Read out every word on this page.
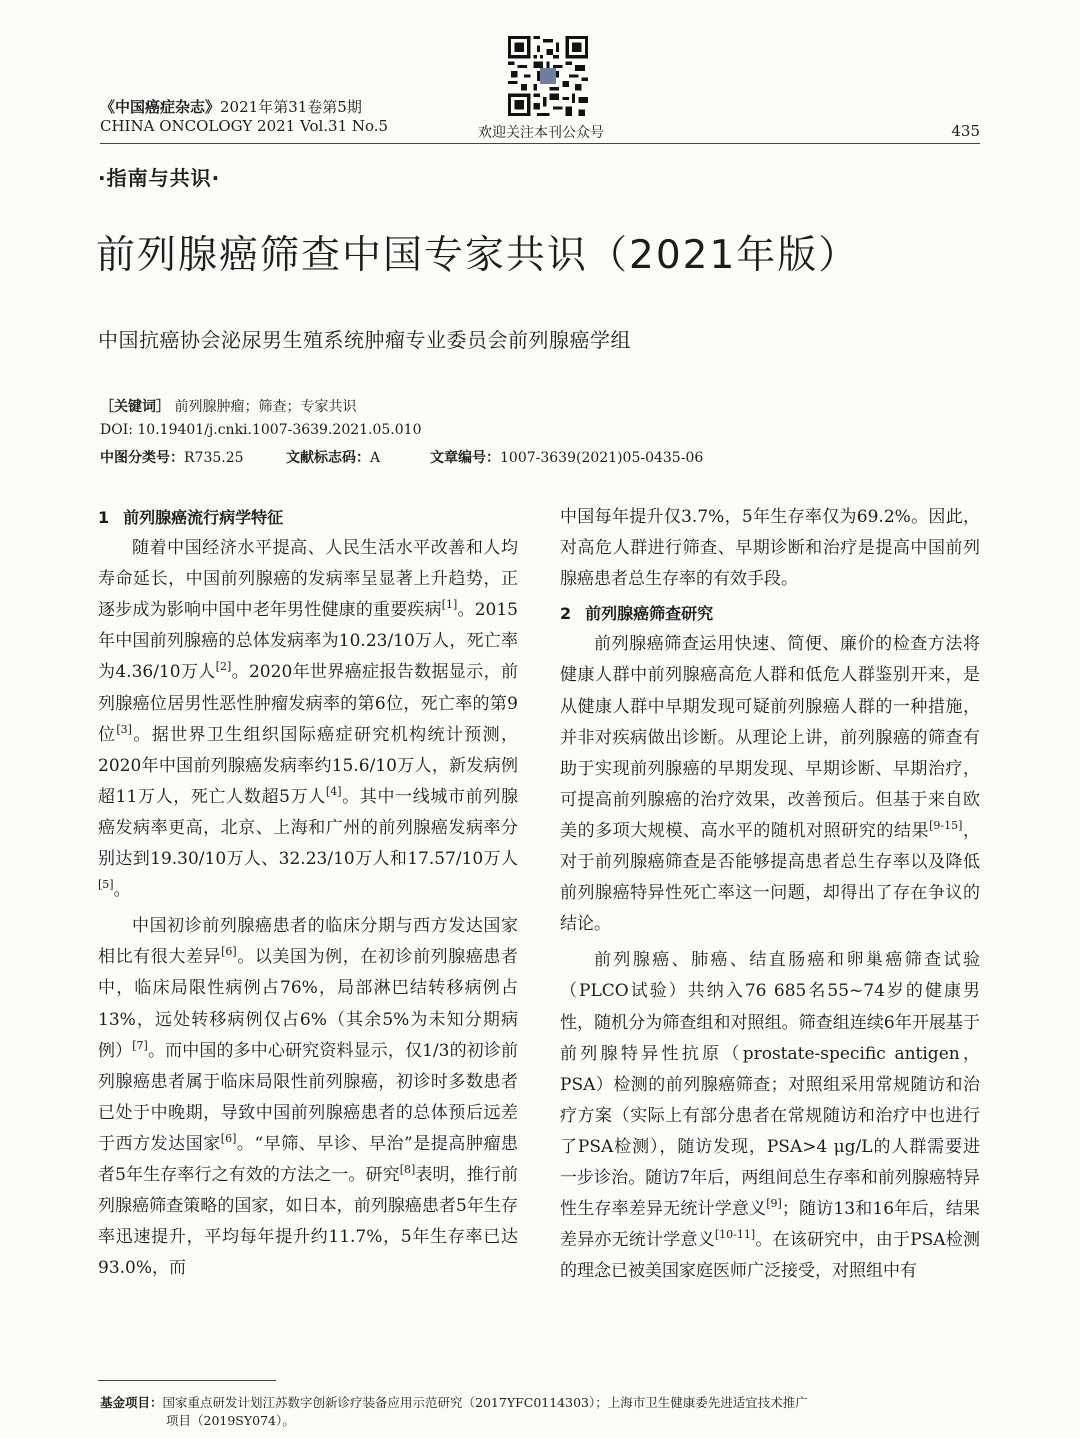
《中国癌症杂志》2021年第31卷第5期
CHINA ONCOLOGY 2021 Vol.31 No.5	欢迎关注本刊公众号	435
·指南与共识·
前列腺癌筛查中国专家共识（2021年版）
中国抗癌协会泌尿男生殖系统肿瘤专业委员会前列腺癌学组
［关键词］ 前列腺肿瘤；筛查；专家共识
DOI: 10.19401/j.cnki.1007-3639.2021.05.010
中图分类号：R735.25	文献标志码：A	文章编号：1007-3639(2021)05-0435-06
1 前列腺癌流行病学特征

随着中国经济水平提高、人民生活水平改善和人均寿命延长，中国前列腺癌的发病率呈显著上升趋势，正逐步成为影响中国中老年男性健康的重要疾病[1]。2015年中国前列腺癌的总体发病率为10.23/10万人，死亡率为4.36/10万人[2]。2020年世界癌症报告数据显示，前列腺癌位居男性恶性肿瘤发病率的第6位，死亡率的第9位[3]。据世界卫生组织国际癌症研究机构统计预测，2020年中国前列腺癌发病率约15.6/10万人，新发病例超11万人，死亡人数超5万人[4]。其中一线城市前列腺癌发病率更高，北京、上海和广州的前列腺癌发病率分别达到19.30/10万人、32.23/10万人和17.57/10万人[5]。

中国初诊前列腺癌患者的临床分期与西方发达国家相比有很大差异[6]。以美国为例，在初诊前列腺癌患者中，临床局限性病例占76%，局部淋巴结转移病例占13%，远处转移病例仅占6%（其余5%为未知分期病例）[7]。而中国的多中心研究资料显示，仅1/3的初诊前列腺癌患者属于临床局限性前列腺癌，初诊时多数患者已处于中晚期，导致中国前列腺癌患者的总体预后远差于西方发达国家[6]。“早筛、早诊、早治”是提高肿瘤患者5年生存率行之有效的方法之一。研究[8]表明，推行前列腺癌筛查策略的国家，如日本，前列腺癌患者5年生存率迅速提升，平均每年提升约11.7%，5年生存率已达93.0%，而

中国每年提升仅3.7%，5年生存率仅为69.2%。因此，对高危人群进行筛查、早期诊断和治疗是提高中国前列腺癌患者总生存率的有效手段。

2 前列腺癌筛查研究

前列腺癌筛查运用快速、简便、廉价的检查方法将健康人群中前列腺癌高危人群和低危人群鉴别开来，是从健康人群中早期发现可疑前列腺癌人群的一种措施，并非对疾病做出诊断。从理论上讲，前列腺癌的筛查有助于实现前列腺癌的早期发现、早期诊断、早期治疗，可提高前列腺癌的治疗效果，改善预后。但基于来自欧美的多项大规模、高水平的随机对照研究的结果[9-15]，对于前列腺癌筛查是否能够提高患者总生存率以及降低前列腺癌特异性死亡率这一问题，却得出了存在争议的结论。

前列腺癌、肺癌、结直肠癌和卵巢癌筛查试验（PLCO试验）共纳入76 685名55~74岁的健康男性，随机分为筛查组和对照组。筛查组连续6年开展基于前列腺特异性抗原（prostate-specific antigen，PSA）检测的前列腺癌筛查；对照组采用常规随访和治疗方案（实际上有部分患者在常规随访和治疗中也进行了PSA检测），随访发现，PSA>4 μg/L的人群需要进一步诊治。随访7年后，两组间总生存率和前列腺癌特异性生存率差异无统计学意义[9]；随访13和16年后，结果差异亦无统计学意义[10-11]。在该研究中，由于PSA检测的理念已被美国家庭医师广泛接受，对照组中有

基金项目：国家重点研发计划江苏数字创新诊疗装备应用示范研究（2017YFC0114303）；上海市卫生健康委先进适宜技术推广
项目（2019SY074）。
